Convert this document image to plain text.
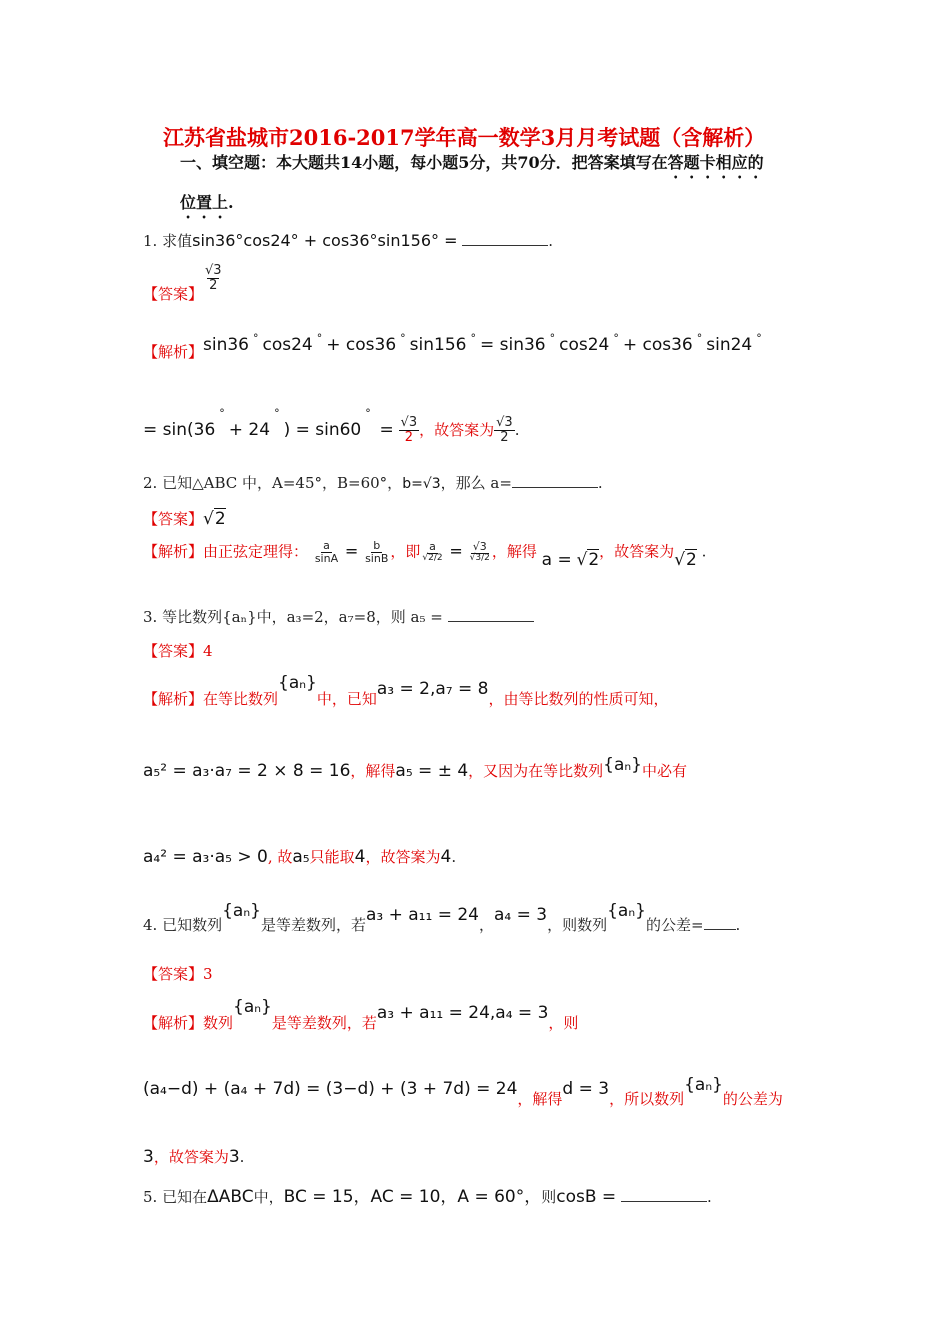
江苏省盐城市2016-2017学年高一数学3月月考试题（含解析）
一、填空题：本大题共14小题，每小题5分，共70分．把答案填写在答题卡相应的
位置上.
1. 求值sin36°cos24° + cos36°sin156° =	.
【答案】
$\frac{√3}{2}$
【解析】sin36 ° cos24 ° + cos36 ° sin156 ° = sin36 ° cos24 ° + cos36 ° sin24 °
= $\sin(36^\circ+ 24^\circ) = \sin 60^\circ = \frac{√3}{2}$ ，故答案为 $\frac{√3}{2}$ .
2. 已知△ABC 中，A=45°，B=60°，b=√3，那么 a=	.
【答案】√2
【解析】由正弦定理得： $\frac{a}{\sin A} = \frac{b}{\sin B}$ ，即 $\frac{a}{√2/2} = \frac{√3}{√3/2}$ ，解得 a = √2，故答案为√2 .
3. 等比数列{aₙ}中，a₃=2，a₇=8，则 a₅ =
【答案】4
【解析】在等比数列{aₙ}中，已知a₃ = 2,a₇ = 8，由等比数列的性质可知，
a₅² = a₃·a₇ = 2 × 8 = 16，解得a₅ = ± 4，又因为在等比数列{aₙ}中必有
a₄² = a₃·a₅ > 0, 故a₅只能取4，故答案为4.
4. 已知数列{aₙ}是等差数列，若a₃ + a₁₁ = 24，a₄ = 3，则数列{aₙ}的公差= .
【答案】3
【解析】数列{aₙ}是等差数列，若a₃ + a₁₁ = 24,a₄ = 3，则
(a₄−d) + (a₄ + 7d) = (3−d) + (3 + 7d) = 24，解得d = 3，所以数列{aₙ}的公差为
3，故答案为3.
5. 已知在ΔABC中，BC = 15，AC = 10，A = 60°，则cosB =	.
